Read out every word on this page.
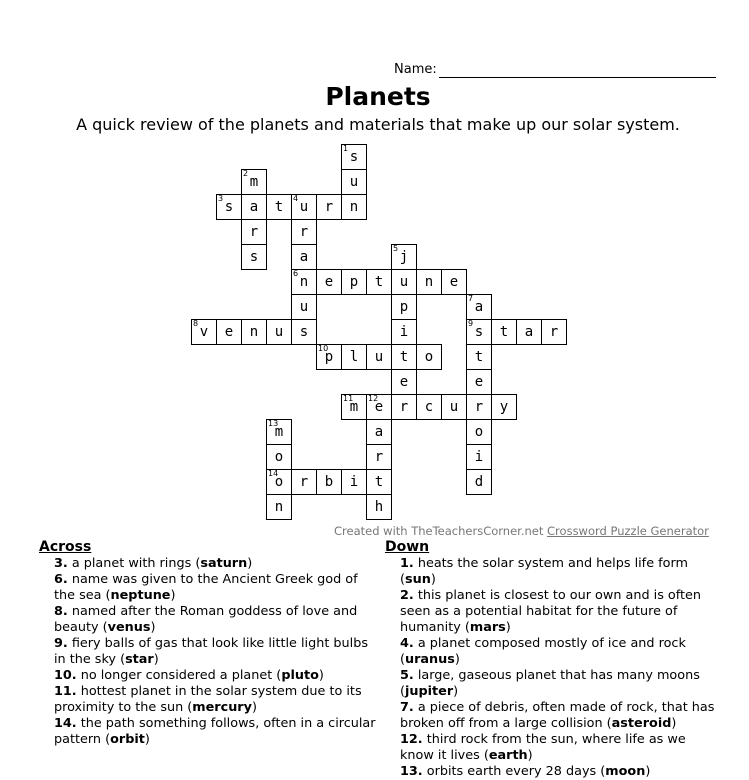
Name:
Planets
A quick review of the planets and materials that make up our solar system.
1
s
u
2
m
3
s	a	t
4
u	r	n
r	r
s	a
5
j
6
n	e	p	t	u	n	e
u	p
7
a
8
v	e	n	u	s	i
9
s	t	a	r
10
p	l	u	t	o	t
e	e
11
m
12
e	r	c	u	r	y
13
m	a	o
o	r	i
14
o	r	b	i	t	d
n	h
Created with TheTeachersCorner.net Crossword Puzzle Generator
Across
3. a planet with rings (saturn)
6. name was given to the Ancient Greek god of the sea (neptune)
8. named after the Roman goddess of love and beauty (venus)
9. fiery balls of gas that look like little light bulbs in the sky (star)
10. no longer considered a planet (pluto)
11. hottest planet in the solar system due to its proximity to the sun (mercury)
14. the path something follows, often in a circular pattern (orbit)
Down
1. heats the solar system and helps life form (sun)
2. this planet is closest to our own and is often seen as a potential habitat for the future of humanity (mars)
4. a planet composed mostly of ice and rock (uranus)
5. large, gaseous planet that has many moons (jupiter)
7. a piece of debris, often made of rock, that has broken off from a large collision (asteroid)
12. third rock from the sun, where life as we know it lives (earth)
13. orbits earth every 28 days (moon)
